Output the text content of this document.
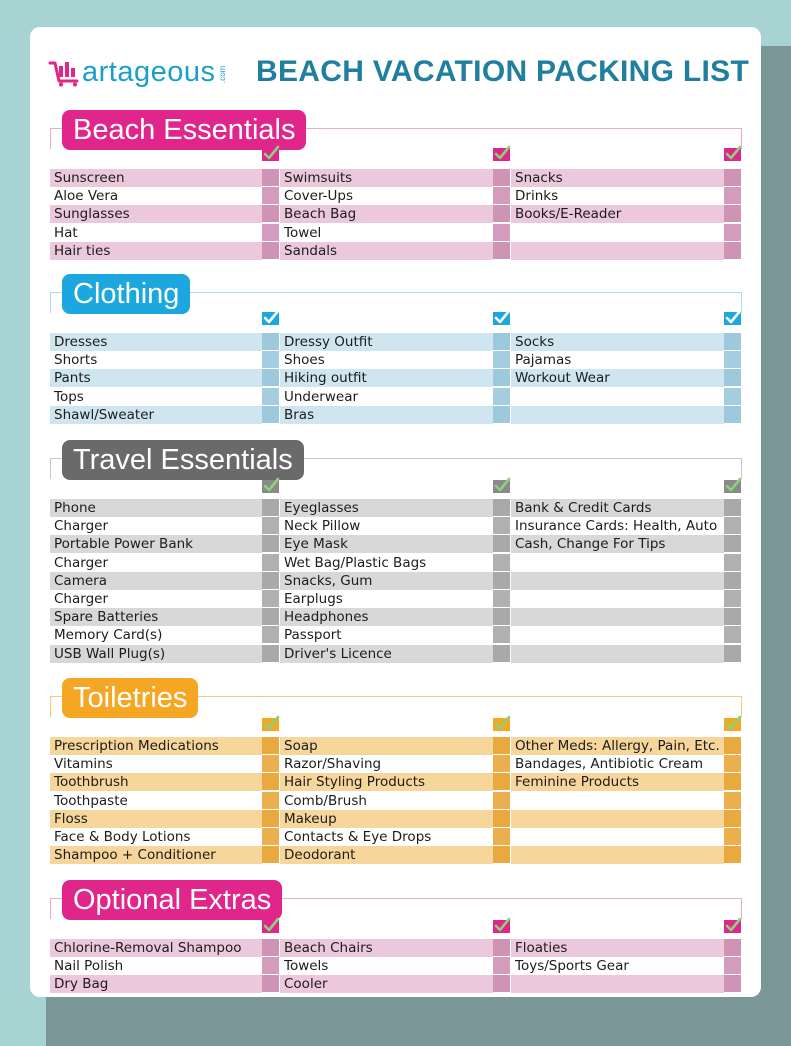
artageous .com BEACH VACATION PACKING LIST
Beach Essentials
Sunscreen	Swimsuits	Snacks
Aloe Vera	Cover-Ups	Drinks
Sunglasses	Beach Bag	Books/E-Reader
Hat	Towel
Hair ties	Sandals
Clothing
Dresses	Dressy Outfit	Socks
Shorts	Shoes	Pajamas
Pants	Hiking outfit	Workout Wear
Tops	Underwear
Shawl/Sweater	Bras
Travel Essentials
Phone	Eyeglasses	Bank & Credit Cards
Charger	Neck Pillow	Insurance Cards: Health, Auto
Portable Power Bank	Eye Mask	Cash, Change For Tips
Charger	Wet Bag/Plastic Bags
Camera	Snacks, Gum
Charger	Earplugs
Spare Batteries	Headphones
Memory Card(s)	Passport
USB Wall Plug(s)	Driver's Licence
Toiletries
Prescription Medications	Soap	Other Meds: Allergy, Pain, Etc.
Vitamins	Razor/Shaving	Bandages, Antibiotic Cream
Toothbrush	Hair Styling Products	Feminine Products
Toothpaste	Comb/Brush
Floss	Makeup
Face & Body Lotions	Contacts & Eye Drops
Shampoo + Conditioner	Deodorant
Optional Extras
Chlorine-Removal Shampoo	Beach Chairs	Floaties
Nail Polish	Towels	Toys/Sports Gear
Dry Bag	Cooler
